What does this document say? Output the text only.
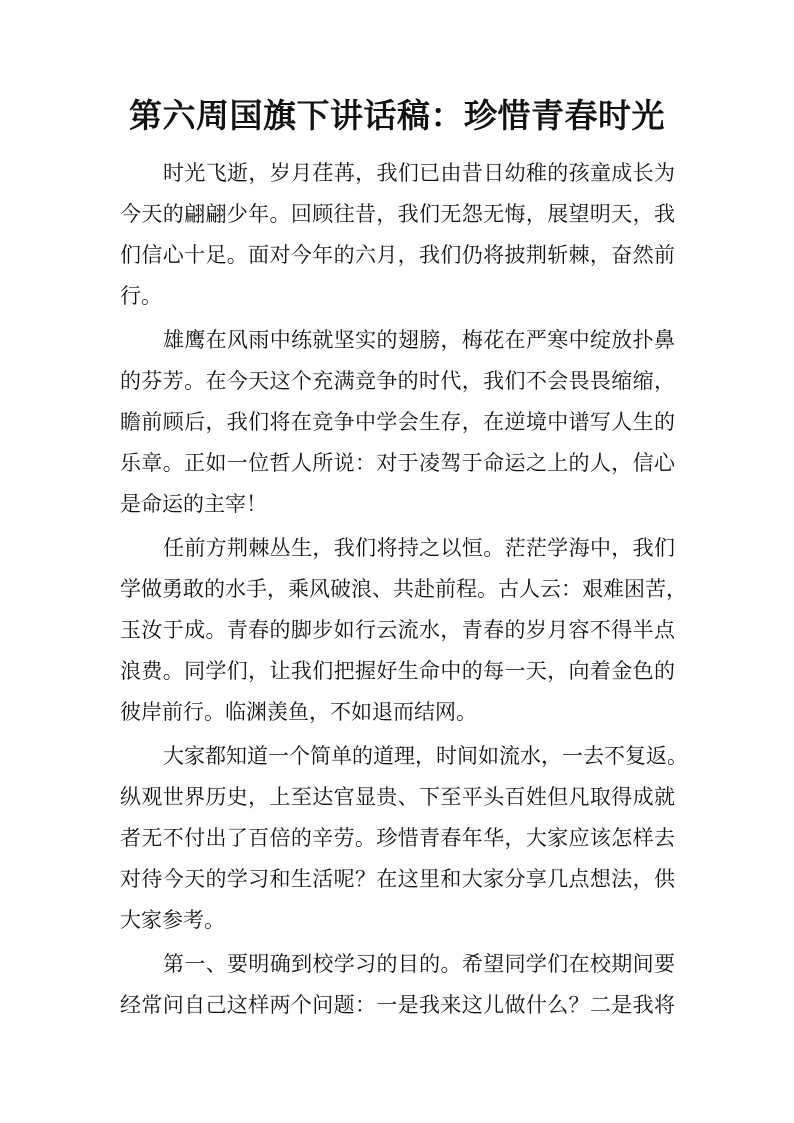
第六周国旗下讲话稿：珍惜青春时光
时光飞逝，岁月荏苒，我们已由昔日幼稚的孩童成长为
今天的翩翩少年。回顾往昔，我们无怨无悔，展望明天，我
们信心十足。面对今年的六月，我们仍将披荆斩棘，奋然前
行。
雄鹰在风雨中练就坚实的翅膀，梅花在严寒中绽放扑鼻
的芬芳。在今天这个充满竞争的时代，我们不会畏畏缩缩，
瞻前顾后，我们将在竞争中学会生存，在逆境中谱写人生的
乐章。正如一位哲人所说：对于凌驾于命运之上的人，信心
是命运的主宰！
任前方荆棘丛生，我们将持之以恒。茫茫学海中，我们
学做勇敢的水手，乘风破浪、共赴前程。古人云：艰难困苦，
玉汝于成。青春的脚步如行云流水，青春的岁月容不得半点
浪费。同学们，让我们把握好生命中的每一天，向着金色的
彼岸前行。临渊羡鱼，不如退而结网。
大家都知道一个简单的道理，时间如流水，一去不复返。
纵观世界历史，上至达官显贵、下至平头百姓但凡取得成就
者无不付出了百倍的辛劳。珍惜青春年华，大家应该怎样去
对待今天的学习和生活呢？在这里和大家分享几点想法，供
大家参考。
第一、要明确到校学习的目的。希望同学们在校期间要
经常问自己这样两个问题：一是我来这儿做什么？二是我将
